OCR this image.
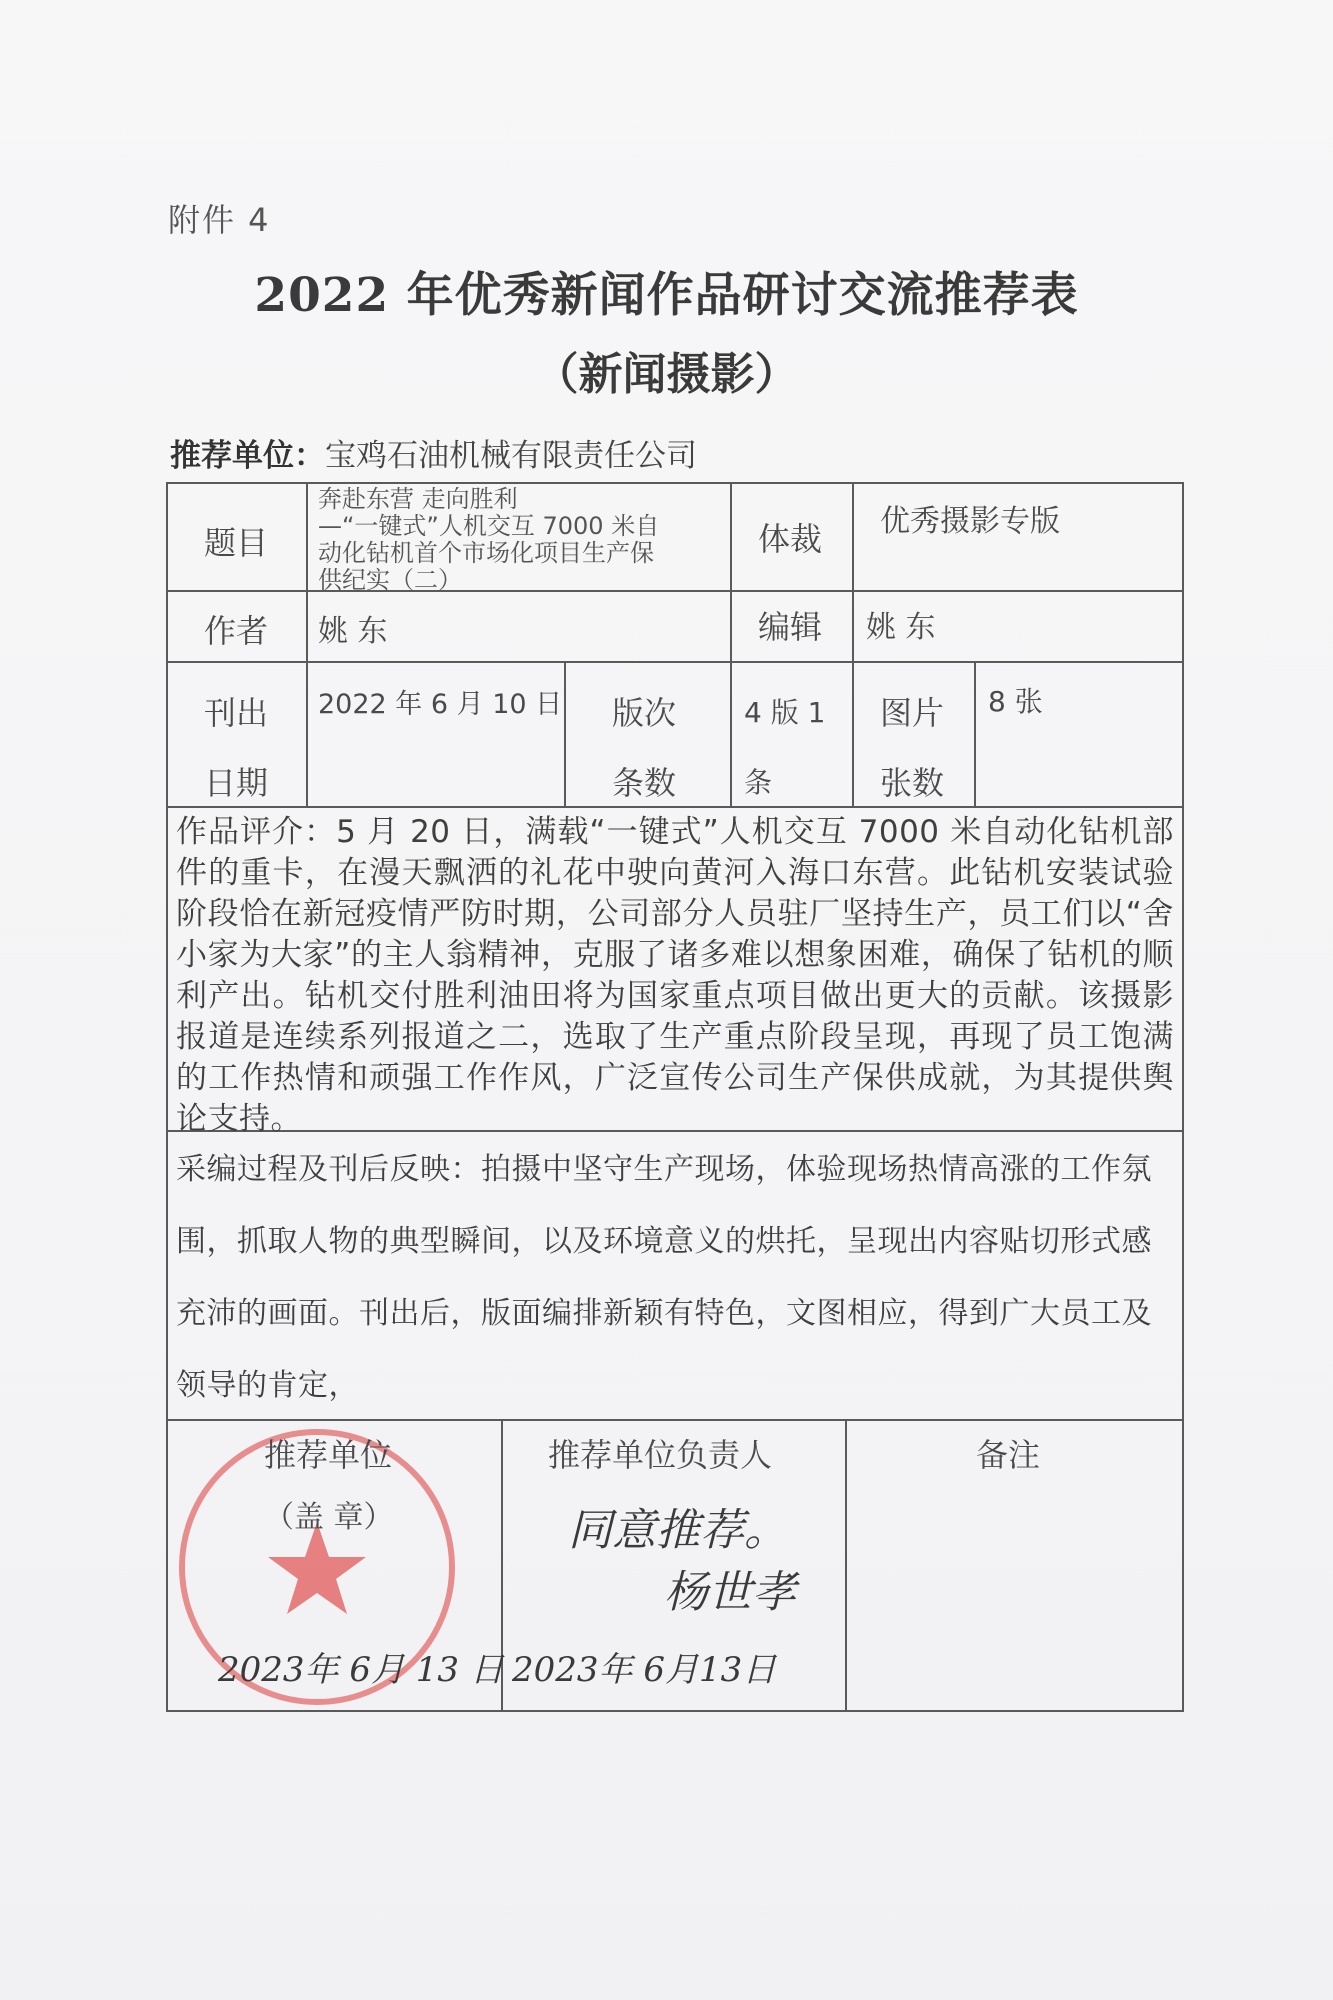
附件 4
2022 年优秀新闻作品研讨交流推荐表
（新闻摄影）
推荐单位：宝鸡石油机械有限责任公司
题目
奔赴东营 走向胜利
—“一键式”人机交互 7000 米自
动化钻机首个市场化项目生产保
供纪实（二）
体裁 优秀摄影专版
作者 姚 东	编辑 姚 东
刊出
日期
2022 年 6 月 10 日 版次
条数
4 版 1
条
图片
张数
8 张
作品评介：5 月 20 日，满载“一键式”人机交互 7000 米自动化钻机部件的重卡，在漫天飘洒的礼花中驶向黄河入海口东营。此钻机安装试验阶段恰在新冠疫情严防时期，公司部分人员驻厂坚持生产，员工们以“舍小家为大家”的主人翁精神，克服了诸多难以想象困难，确保了钻机的顺利产出。钻机交付胜利油田将为国家重点项目做出更大的贡献。该摄影报道是连续系列报道之二，选取了生产重点阶段呈现，再现了员工饱满的工作热情和顽强工作作风，广泛宣传公司生产保供成就，为其提供舆论支持。
采编过程及刊后反映：拍摄中坚守生产现场，体验现场热情高涨的工作氛围，抓取人物的典型瞬间，以及环境意义的烘托，呈现出内容贴切形式感充沛的画面。刊出后，版面编排新颖有特色，文图相应，得到广大员工及领导的肯定，
推荐单位
（盖 章）
2023年 6月 13 日
推荐单位负责人
同意推荐。
杨世孝
2023年 6月13日
备注
